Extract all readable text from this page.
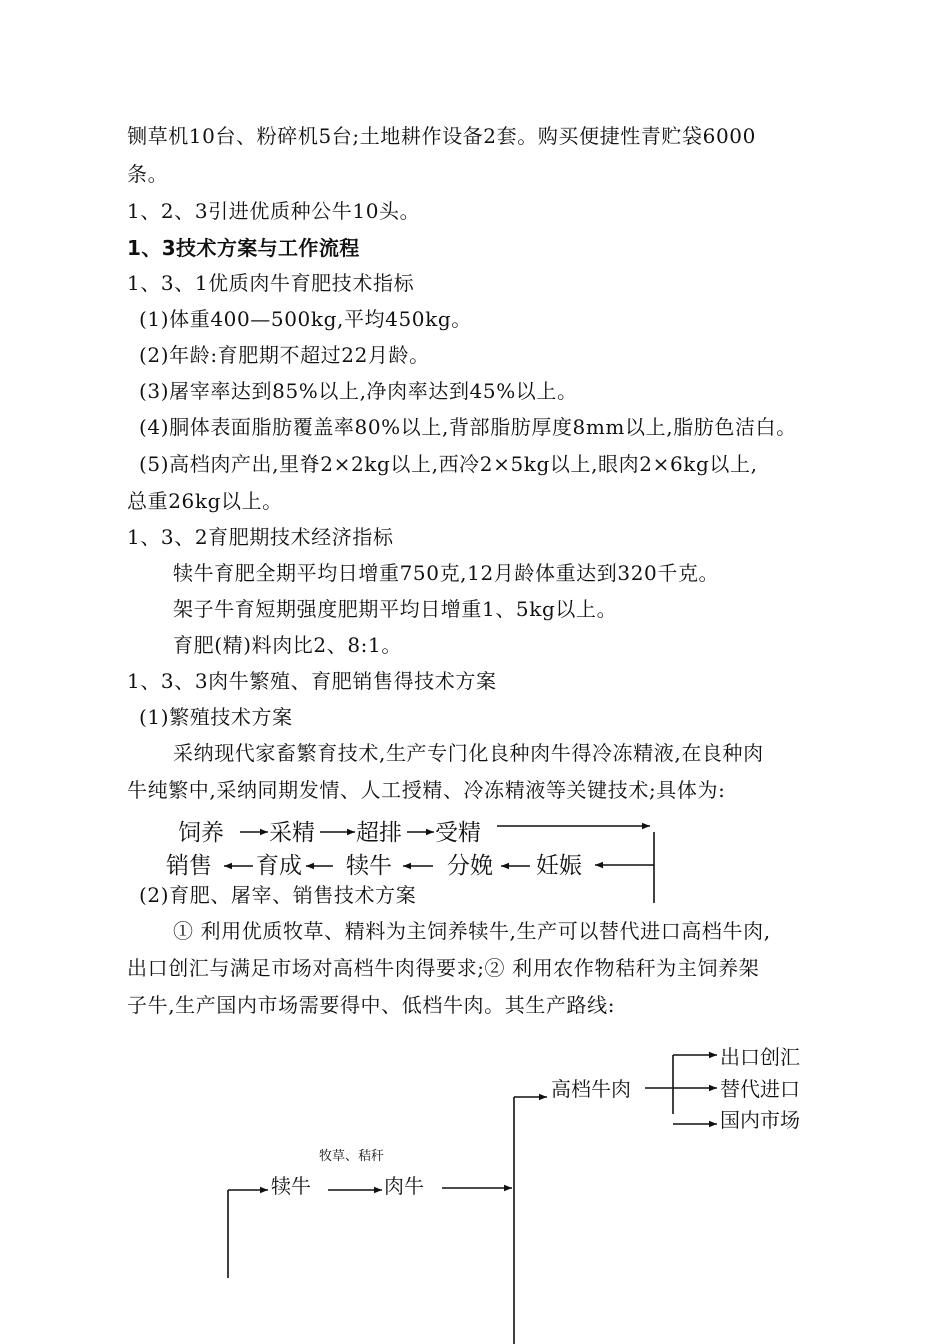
铡草机10台、粉碎机5台;土地耕作设备2套。购买便捷性青贮袋6000
条。
1、2、3引进优质种公牛10头。
1、3技术方案与工作流程
1、3、1优质肉牛育肥技术指标
(1)体重400—500kg,平均450kg。
(2)年龄:育肥期不超过22月龄。
(3)屠宰率达到85%以上,净肉率达到45%以上。
(4)胴体表面脂肪覆盖率80%以上,背部脂肪厚度8mm以上,脂肪色洁白。
(5)高档肉产出,里脊2×2kg以上,西冷2×5kg以上,眼肉2×6kg以上,
总重26kg以上。
1、3、2育肥期技术经济指标
犊牛育肥全期平均日增重750克,12月龄体重达到320千克。
架子牛育短期强度肥期平均日增重1、5kg以上。
育肥(精)料肉比2、8:1。
1、3、3肉牛繁殖、育肥销售得技术方案
(1)繁殖技术方案
采纳现代家畜繁育技术,生产专门化良种肉牛得冷冻精液,在良种肉
牛纯繁中,采纳同期发情、人工授精、冷冻精液等关键技术;具体为:
(2)育肥、屠宰、销售技术方案
① 利用优质牧草、精料为主饲养犊牛,生产可以替代进口高档牛肉,
出口创汇与满足市场对高档牛肉得要求;② 利用农作物秸秆为主饲养架
子牛,生产国内市场需要得中、低档牛肉。其生产路线:
饲养 采精 超排 受精
妊娠
分娩
犊牛
育成
销售
出口创汇
替代进口
国内市场
高档牛肉
牧草、秸秆
犊牛	肉牛
